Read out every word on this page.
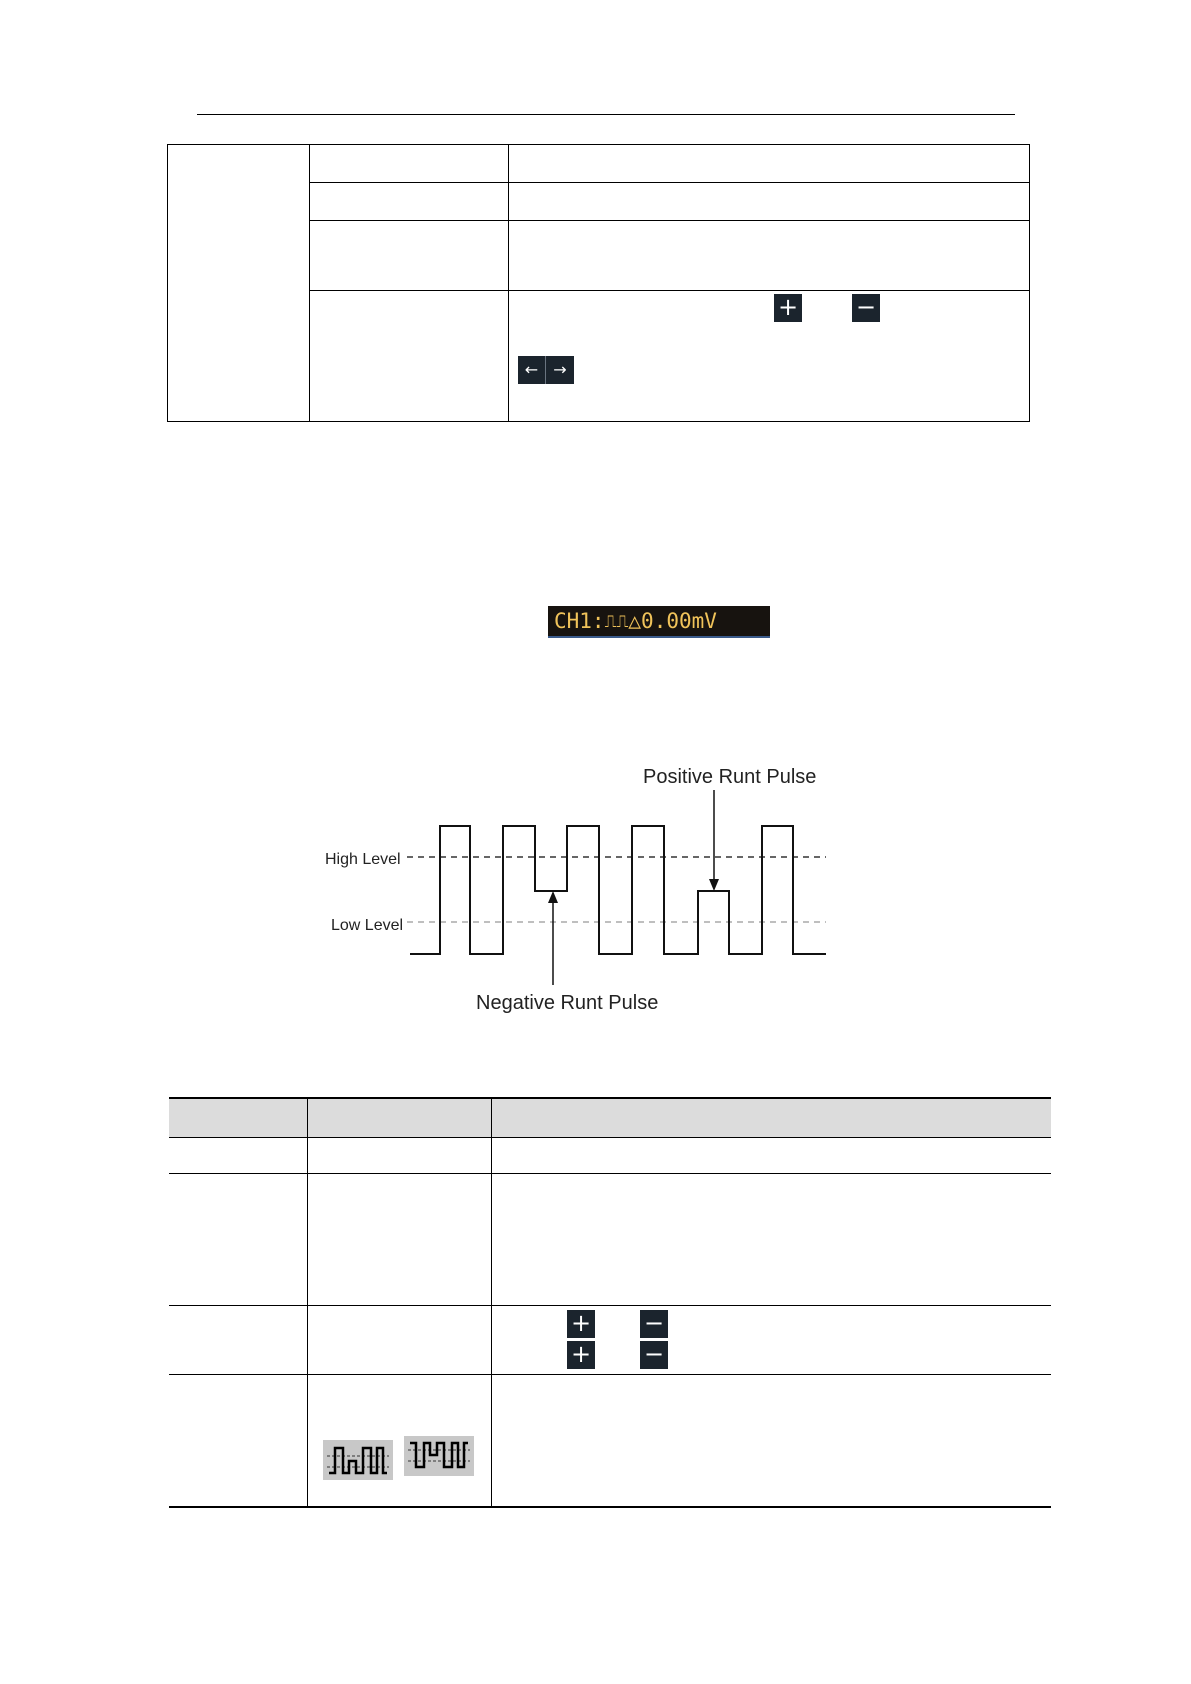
		+ −
← →
CH1:⎍⎍△0.00mV
Positive Runt Pulse
High Level
Low Level
Negative Runt Pulse

		+ −
+ −
